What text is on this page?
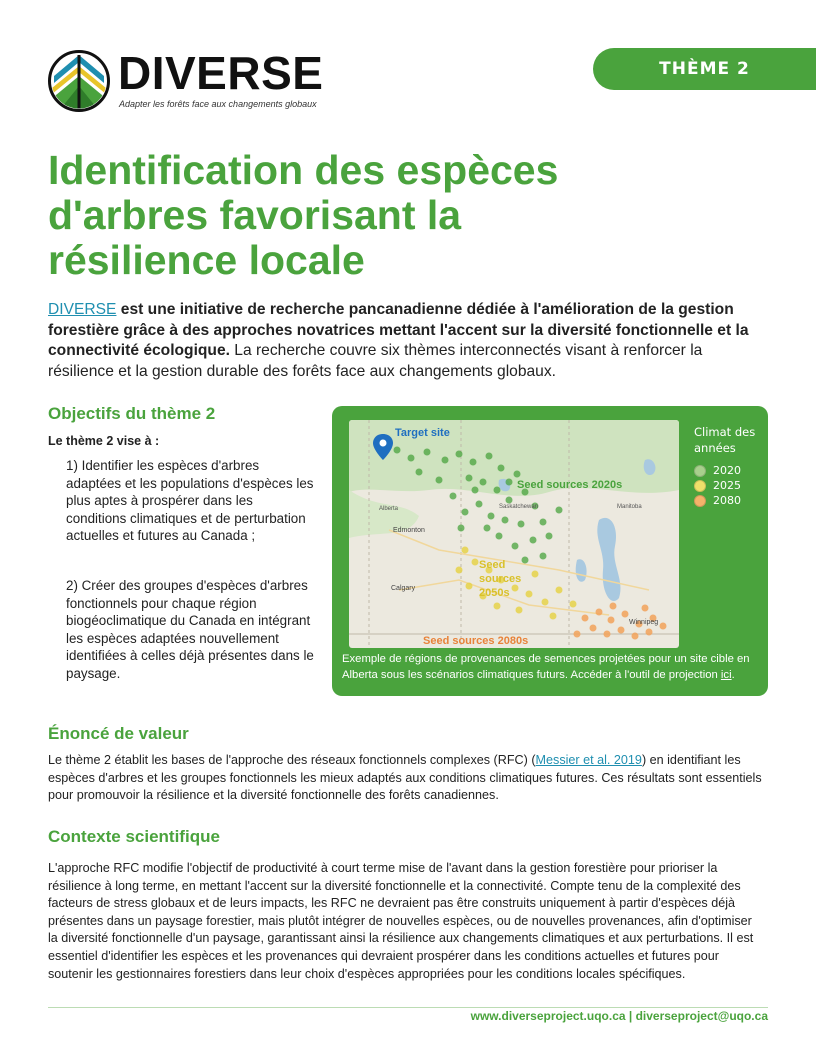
DIVERSE
Adapter les forêts face aux changements globaux
THÈME 2
Identification des espèces d'arbres favorisant la résilience locale

DIVERSE est une initiative de recherche pancanadienne dédiée à l'amélioration de la gestion forestière grâce à des approches novatrices mettant l'accent sur la diversité fonctionnelle et la connectivité écologique. La recherche couvre six thèmes interconnectés visant à renforcer la résilience et la gestion durable des forêts face aux changements globaux.

Objectifs du thème 2

Le thème 2 vise à :

1) Identifier les espèces d'arbres adaptées et les populations d'espèces les plus aptes à prospérer dans les conditions climatiques et de perturbation actuelles et futures au Canada ;

2) Créer des groupes d'espèces d'arbres fonctionnels pour chaque région biogéoclimatique du Canada en intégrant les espèces adaptées nouvellement identifiées à celles déjà présentes dans le paysage.

Target site
Seed sources 2020s
Seed
sources
2050s
Seed sources 2080s
Alberta
Edmonton
Calgary
Saskatchewan	Manitoba
Winnipeg
Climat des années
2020
2025
2080

Exemple de régions de provenances de semences projetées pour un site cible en Alberta sous les scénarios climatiques futurs. Accéder à l'outil de projection ici.

Énoncé de valeur

Le thème 2 établit les bases de l'approche des réseaux fonctionnels complexes (RFC) (Messier et al. 2019) en identifiant les espèces d'arbres et les groupes fonctionnels les mieux adaptés aux conditions climatiques futures. Ces résultats sont essentiels pour promouvoir la résilience et la diversité fonctionnelle des forêts canadiennes.

Contexte scientifique

L'approche RFC modifie l'objectif de productivité à court terme mise de l'avant dans la gestion forestière pour prioriser la résilience à long terme, en mettant l'accent sur la diversité fonctionnelle et la connectivité. Compte tenu de la complexité des facteurs de stress globaux et de leurs impacts, les RFC ne devraient pas être construits uniquement à partir d'espèces déjà présentes dans un paysage forestier, mais plutôt intégrer de nouvelles espèces, ou de nouvelles provenances, afin d'optimiser la diversité fonctionnelle d'un paysage, garantissant ainsi la résilience aux changements climatiques et aux perturbations. Il est essentiel d'identifier les espèces et les provenances qui devraient prospérer dans les conditions actuelles et futures pour soutenir les gestionnaires forestiers dans leur choix d'espèces appropriées pour les conditions locales spécifiques.

www.diverseproject.uqo.ca | diverseproject@uqo.ca
